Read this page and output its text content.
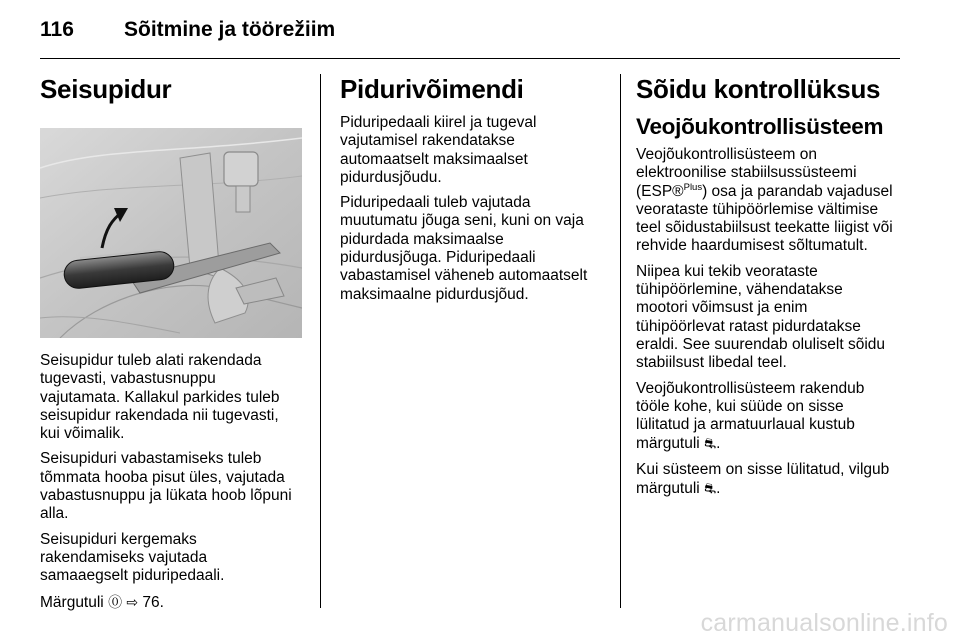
116 Sõitmine ja töörežiim
Seisupidur

Seisupidur tuleb alati rakendada
tugevasti, vabastusnuppu
vajutamata. Kallakul parkides tuleb
seisupidur rakendada nii tugevasti,
kui võimalik.

Seisupiduri vabastamiseks tuleb
tõmmata hooba pisut üles, vajutada
vabastusnuppu ja lükata hoob lõpuni
alla.

Seisupiduri kergemaks
rakendamiseks vajutada
samaaegselt piduripedaali.

Märgutuli ⓪ ⇨ 76.

Pidurivõimendi

Piduripedaali kiirel ja tugeval
vajutamisel rakendatakse
automaatselt maksimaalset
pidurdusjõudu.

Piduripedaali tuleb vajutada
muutumatu jõuga seni, kuni on vaja
pidurdada maksimaalse
pidurdusjõuga. Piduripedaali
vabastamisel väheneb automaatselt
maksimaalne pidurdusjõud.

Sõidu kontrollüksus
Veojõukontrollisüsteem

Veojõukontrollisüsteem on
elektroonilise stabiilsussüsteemi
(ESP®$^{Plus}$) osa ja parandab vajadusel
veorataste tühipöörlemise vältimise
teel sõidustabiilsust teekatte liigist või
rehvide haardumisest sõltumatult.

Niipea kui tekib veorataste
tühipöörlemine, vähendatakse
mootori võimsust ja enim
tühipöörlevat ratast pidurdatakse
eraldi. See suurendab oluliselt sõidu
stabiilsust libedal teel.

Veojõukontrollisüsteem rakendub
tööle kohe, kui süüde on sisse
lülitatud ja armatuurlaual kustub
märgutuli ⛐.

Kui süsteem on sisse lülitatud, vilgub
märgutuli ⛐.

carmanualsonline.info
